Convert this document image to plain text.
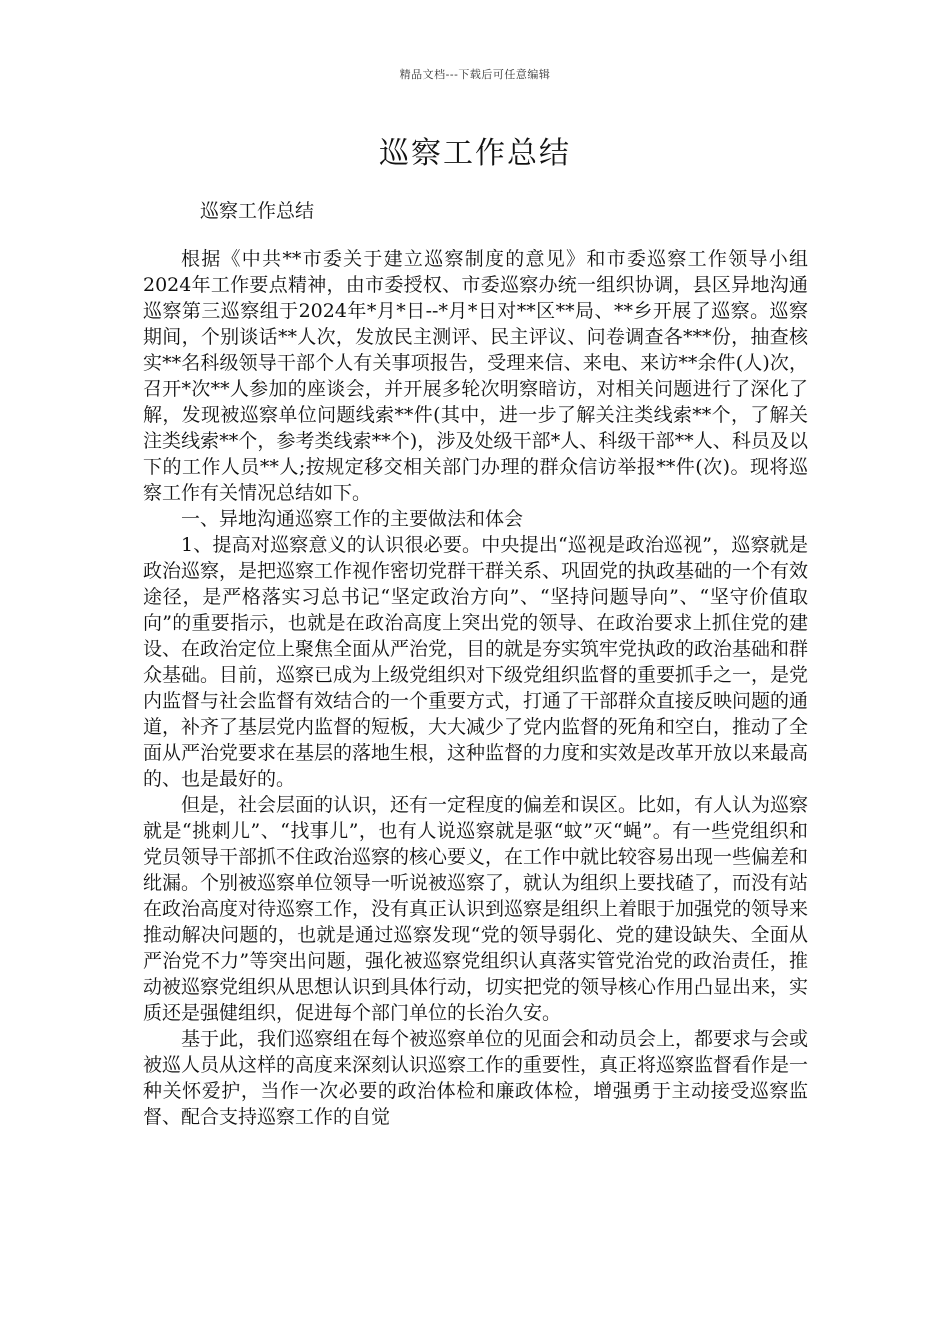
精品文档---下载后可任意编辑
巡察工作总结
巡察工作总结

根据《中共**市委关于建立巡察制度的意见》和市委巡察工作领导小组2024年工作要点精神，由市委授权、市委巡察办统一组织协调，县区异地沟通巡察第三巡察组于2024年*月*日--*月*日对**区**局、**乡开展了巡察。巡察期间，个别谈话**人次，发放民主测评、民主评议、问卷调查各***份，抽查核实**名科级领导干部个人有关事项报告，受理来信、来电、来访**余件(人)次，召开*次**人参加的座谈会，并开展多轮次明察暗访，对相关问题进行了深化了解，发现被巡察单位问题线索**件(其中，进一步了解关注类线索**个，了解关注类线索**个，参考类线索**个)，涉及处级干部*人、科级干部**人、科员及以下的工作人员**人;按规定移交相关部门办理的群众信访举报**件(次)。现将巡察工作有关情况总结如下。

一、异地沟通巡察工作的主要做法和体会

1、提高对巡察意义的认识很必要。中央提出“巡视是政治巡视”，巡察就是政治巡察，是把巡察工作视作密切党群干群关系、巩固党的执政基础的一个有效途径，是严格落实习总书记“坚定政治方向”、“坚持问题导向”、“坚守价值取向”的重要指示，也就是在政治高度上突出党的领导、在政治要求上抓住党的建设、在政治定位上聚焦全面从严治党，目的就是夯实筑牢党执政的政治基础和群众基础。目前，巡察已成为上级党组织对下级党组织监督的重要抓手之一，是党内监督与社会监督有效结合的一个重要方式，打通了干部群众直接反映问题的通道，补齐了基层党内监督的短板，大大减少了党内监督的死角和空白，推动了全面从严治党要求在基层的落地生根，这种监督的力度和实效是改革开放以来最高的、也是最好的。

但是，社会层面的认识，还有一定程度的偏差和误区。比如，有人认为巡察就是“挑刺儿”、“找事儿”，也有人说巡察就是驱“蚊”灭“蝇”。有一些党组织和党员领导干部抓不住政治巡察的核心要义，在工作中就比较容易出现一些偏差和纰漏。个别被巡察单位领导一听说被巡察了，就认为组织上要找碴了，而没有站在政治高度对待巡察工作，没有真正认识到巡察是组织上着眼于加强党的领导来推动解决问题的，也就是通过巡察发现“党的领导弱化、党的建设缺失、全面从严治党不力”等突出问题，强化被巡察党组织认真落实管党治党的政治责任，推动被巡察党组织从思想认识到具体行动，切实把党的领导核心作用凸显出来，实质还是强健组织，促进每个部门单位的长治久安。

基于此，我们巡察组在每个被巡察单位的见面会和动员会上，都要求与会或被巡人员从这样的高度来深刻认识巡察工作的重要性，真正将巡察监督看作是一种关怀爱护，当作一次必要的政治体检和廉政体检，增强勇于主动接受巡察监督、配合支持巡察工作的自觉
